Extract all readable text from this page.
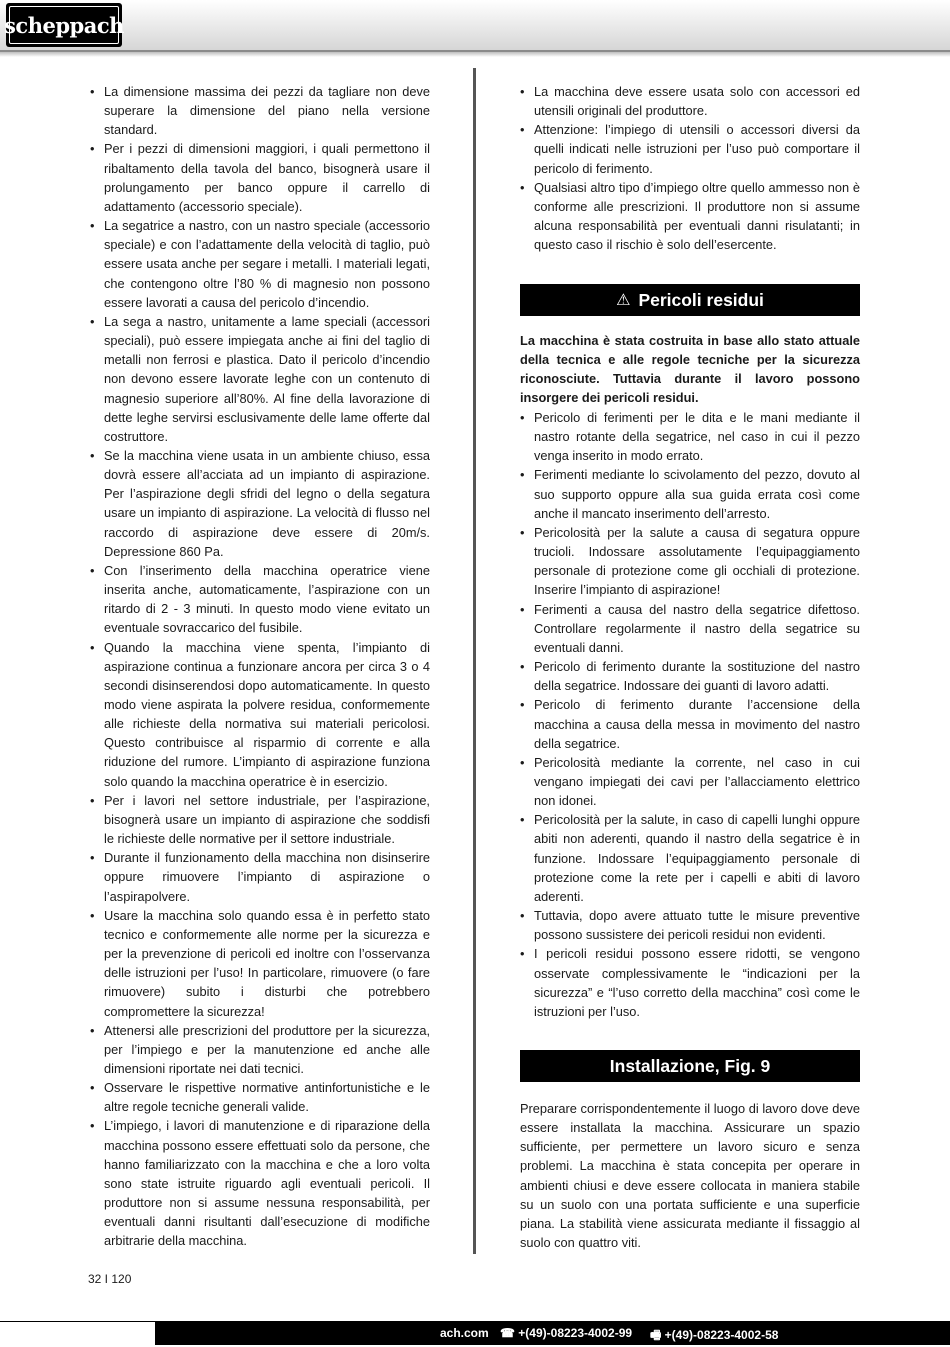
scheppach
• La dimensione massima dei pezzi da tagliare non deve superare la dimensione del piano nella versione standard.
• Per i pezzi di dimensioni maggiori, i quali permettono il ribaltamento della tavola del banco, bisognerà usare il prolungamento per banco oppure il carrello di adattamento (accessorio speciale).
• La segatrice a nastro, con un nastro speciale (accessorio speciale) e con l’adattamente della velocità di taglio, può essere usata anche per segare i metalli. I materiali legati, che contengono oltre l’80 % di magnesio non possono essere lavorati a causa del pericolo d’incendio.
• La sega a nastro, unitamente a lame speciali (accessori speciali), può essere impiegata anche ai fini del taglio di metalli non ferrosi e plastica. Dato il pericolo d’incendio non devono essere lavorate leghe con un contenuto di magnesio superiore all’80%. Al fine della lavorazione di dette leghe servirsi esclusivamente delle lame offerte dal costruttore.
• Se la macchina viene usata in un ambiente chiuso, essa dovrà essere all’acciata ad un impianto di aspirazione. Per l’aspirazione degli sfridi del legno o della segatura usare un impianto di aspirazione. La velocità di flusso nel raccordo di aspirazione deve essere di 20m/s. Depressione 860 Pa.
• Con l’inserimento della macchina operatrice viene inserita anche, automaticamente, l’aspirazione con un ritardo di 2 - 3 minuti. In questo modo viene evitato un eventuale sovraccarico del fusibile.
• Quando la macchina viene spenta, l’impianto di aspirazione continua a funzionare ancora per circa 3 o 4 secondi disinserendosi dopo automaticamente. In questo modo viene aspirata la polvere residua, conformemente alle richieste della normativa sui materiali pericolosi. Questo contribuisce al risparmio di corrente e alla riduzione del rumore. L’impianto di aspirazione funziona solo quando la macchina operatrice è in esercizio.
• Per i lavori nel settore industriale, per l’aspirazione, bisognerà usare un impianto di aspirazione che soddisfi le richieste delle normative per il settore industriale.
• Durante il funzionamento della macchina non disinserire oppure rimuovere l’impianto di aspirazione o l’aspirapolvere.
• Usare la macchina solo quando essa è in perfetto stato tecnico e conformemente alle norme per la sicurezza e per la prevenzione di pericoli ed inoltre con l’osservanza delle istruzioni per l’uso! In particolare, rimuovere (o fare rimuovere) subito i disturbi che potrebbero compromettere la sicurezza!
• Attenersi alle prescrizioni del produttore per la sicurezza, per l’impiego e per la manutenzione ed anche alle dimensioni riportate nei dati tecnici.
• Osservare le rispettive normative antinfortunistiche e le altre regole tecniche generali valide.
• L’impiego, i lavori di manutenzione e di riparazione della macchina possono essere effettuati solo da persone, che hanno familiarizzato con la macchina e che a loro volta sono state istruite riguardo agli eventuali pericoli. Il produttore non si assume nessuna responsabilità, per eventuali danni risultanti dall’esecuzione di modifiche arbitrarie della macchina.
• La macchina deve essere usata solo con accessori ed utensili originali del produttore.
• Attenzione: l’impiego di utensili o accessori diversi da quelli indicati nelle istruzioni per l’uso può comportare il pericolo di ferimento.
• Qualsiasi altro tipo d’impiego oltre quello ammesso non è conforme alle prescrizioni. Il produttore non si assume alcuna responsabilità per eventuali danni risulatanti; in questo caso il rischio è solo dell’esercente.
⚠ Pericoli residui

La macchina è stata costruita in base allo stato attuale della tecnica e alle regole tecniche per la sicurezza riconosciute. Tuttavia durante il lavoro possono insorgere dei pericoli residui.

• Pericolo di ferimenti per le dita e le mani mediante il nastro rotante della segatrice, nel caso in cui il pezzo venga inserito in modo errato.
• Ferimenti mediante lo scivolamento del pezzo, dovuto al suo supporto oppure alla sua guida errata così come anche il mancato inserimento dell’arresto.
• Pericolosità per la salute a causa di segatura oppure trucioli. Indossare assolutamente l’equipaggiamento personale di protezione come gli occhiali di protezione. Inserire l’impianto di aspirazione!
• Ferimenti a causa del nastro della segatrice difettoso. Controllare regolarmente il nastro della segatrice su eventuali danni.
• Pericolo di ferimento durante la sostituzione del nastro della segatrice. Indossare dei guanti di lavoro adatti.
• Pericolo di ferimento durante l’accensione della macchina a causa della messa in movimento del nastro della segatrice.
• Pericolosità mediante la corrente, nel caso in cui vengano impiegati dei cavi per l’allacciamento elettrico non idonei.
• Pericolosità per la salute, in caso di capelli lunghi oppure abiti non aderenti, quando il nastro della segatrice è in funzione. Indossare l’equipaggiamento personale di protezione come la rete per i capelli e abiti di lavoro aderenti.
• Tuttavia, dopo avere attuato tutte le misure preventive possono sussistere dei pericoli residui non evidenti.
• I pericoli residui possono essere ridotti, se vengono osservate complessivamente le “indicazioni per la sicurezza” e “l’uso corretto della macchina” così come le istruzioni per l’uso.
Installazione, Fig. 9

Preparare corrispondentemente il luogo di lavoro dove deve essere installata la macchina. Assicurare un spazio sufficiente, per permettere un lavoro sicuro e senza problemi. La macchina è stata concepita per operare in ambienti chiusi e deve essere collocata in maniera stabile su un suolo con una portata sufficiente e una superficie piana. La stabilità viene assicurata mediante il fissaggio al suolo con quattro viti.

32 I 120
ach.com ☎ +(49)-08223-4002-99 🖷 +(49)-08223-4002-58
